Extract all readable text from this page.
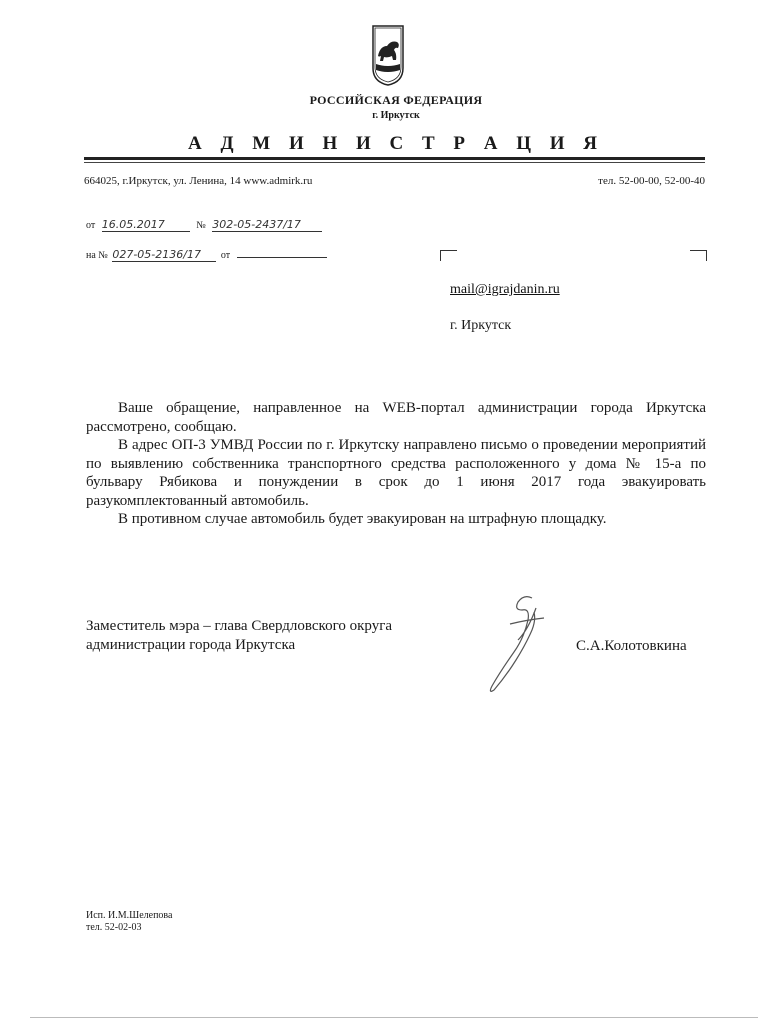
РОССИЙСКАЯ ФЕДЕРАЦИЯ
г. Иркутск
А Д М И Н И С Т Р А Ц И Я
664025, г.Иркутск, ул. Ленина, 14 www.admirk.ru	тел. 52-00-00, 52-00-40
от 16.05.2017	№ 302-05-2437/17
на № 027-05-2136/17 от
mail@igrajdanin.ru
г. Иркутск

Ваше обращение, направленное на WEB-портал администрации города Иркутска рассмотрено, сообщаю.

В адрес ОП-3 УМВД России по г. Иркутску направлено письмо о проведении мероприятий по выявлению собственника транспортного средства расположенного у дома № 15-а по бульвару Рябикова и понуждении в срок до 1 июня 2017 года эвакуировать разукомплектованный автомобиль.

В противном случае автомобиль будет эвакуирован на штрафную площадку.

Заместитель мэра – глава Свердловского округа
администрации города Иркутска	С.А.Колотовкина
Исп. И.М.Шелепова
тел. 52-02-03
